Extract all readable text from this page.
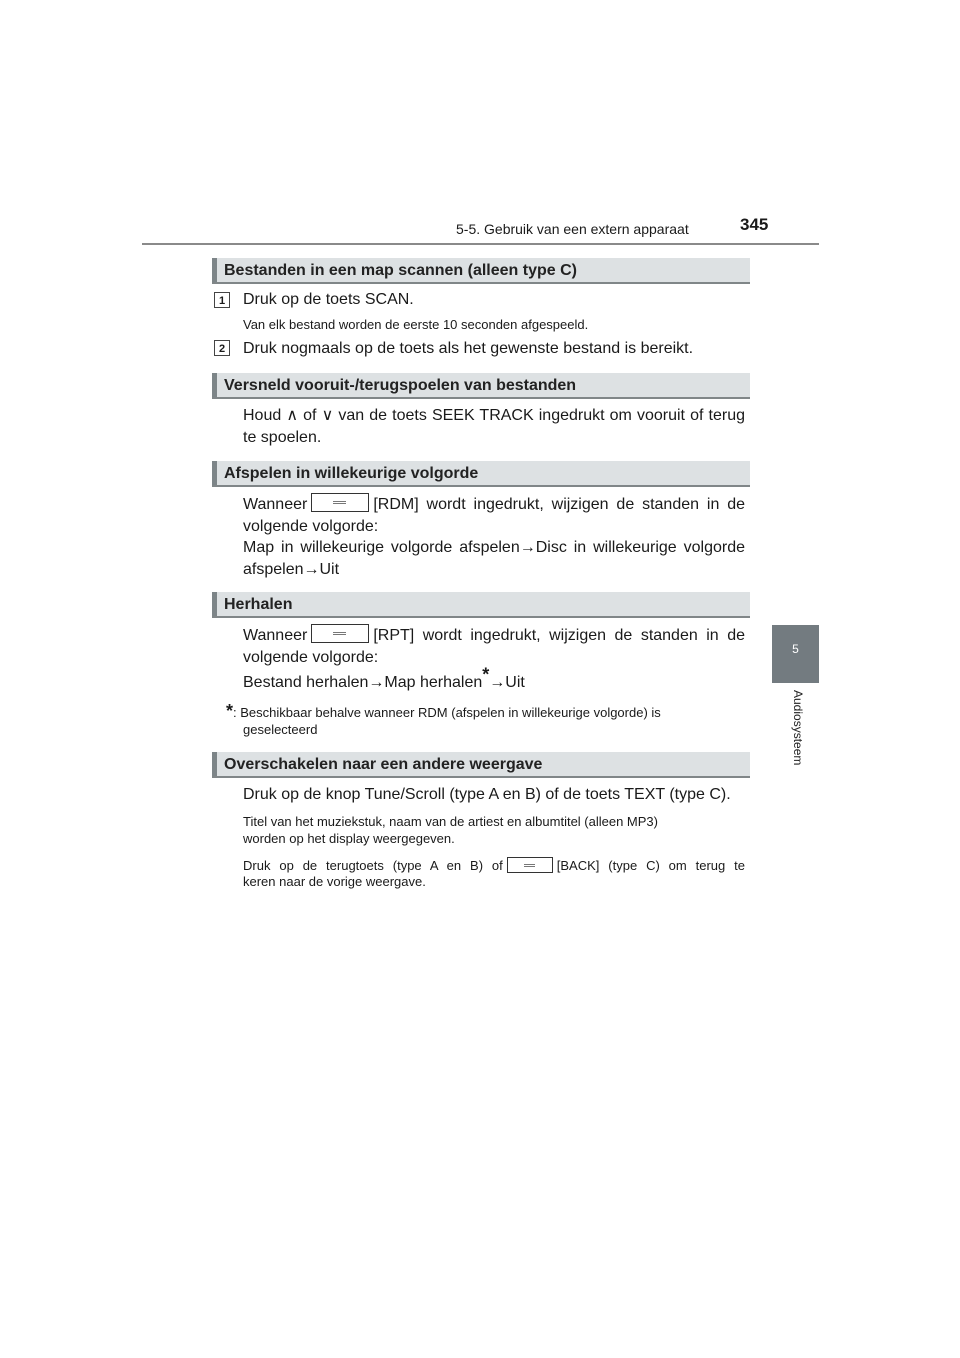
5-5. Gebruik van een extern apparaat	345
5
Audiosysteem
Bestanden in een map scannen (alleen type C)
1	Druk op de toets SCAN.
Van elk bestand worden de eerste 10 seconden afgespeeld.
2	Druk nogmaals op de toets als het gewenste bestand is bereikt.
Versneld vooruit-/terugspoelen van bestanden
Houd ∧ of ∨ van de toets SEEK TRACK ingedrukt om vooruit of terug
te spoelen.
Afspelen in willekeurige volgorde
Wanneer	[RDM] wordt ingedrukt, wijzigen de standen in de
volgende volgorde:
Map in willekeurige volgorde afspelen→Disc in willekeurige volgorde
afspelen→Uit
Herhalen
Wanneer	[RPT] wordt ingedrukt, wijzigen de standen in de
volgende volgorde:
Bestand herhalen→Map herhalen*→Uit
*: Beschikbaar behalve wanneer RDM (afspelen in willekeurige volgorde) is
geselecteerd
Overschakelen naar een andere weergave
Druk op de knop Tune/Scroll (type A en B) of de toets TEXT (type C).
Titel van het muziekstuk, naam van de artiest en albumtitel (alleen MP3)
worden op het display weergegeven.
Druk op de terugtoets (type A en B) of	[BACK] (type C) om terug te
keren naar de vorige weergave.
